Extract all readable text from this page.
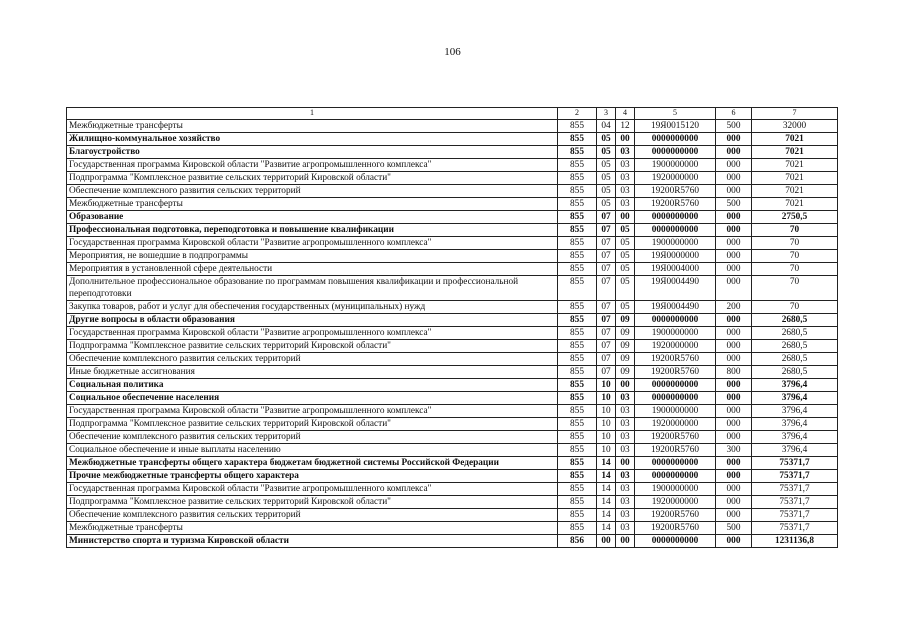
106
1	2	3	4	5	6	7
Межбюджетные трансферты	855	04	12	19Я0015120	500	32000
Жилищно-коммунальное хозяйство	855	05	00	0000000000	000	7021
Благоустройство	855	05	03	0000000000	000	7021
Государственная программа Кировской области "Развитие агропромышленного комплекса"	855	05	03	1900000000	000	7021
Подпрограмма "Комплексное развитие сельских территорий Кировской области"	855	05	03	1920000000	000	7021
Обеспечение комплексного развития сельских территорий	855	05	03	19200R5760	000	7021
Межбюджетные трансферты	855	05	03	19200R5760	500	7021
Образование	855	07	00	0000000000	000	2750,5
Профессиональная подготовка, переподготовка и повышение квалификации	855	07	05	0000000000	000	70
Государственная программа Кировской области "Развитие агропромышленного комплекса"	855	07	05	1900000000	000	70
Мероприятия, не вошедшие в подпрограммы	855	07	05	19Я0000000	000	70
Мероприятия в установленной сфере деятельности	855	07	05	19Я0004000	000	70
Дополнительное профессиональное образование по программам повышения квалификации и профессиональной переподготовки	855	07	05	19Я0004490	000	70
Закупка товаров, работ и услуг для обеспечения государственных (муниципальных) нужд	855	07	05	19Я0004490	200	70
Другие вопросы в области образования	855	07	09	0000000000	000	2680,5
Государственная программа Кировской области "Развитие агропромышленного комплекса"	855	07	09	1900000000	000	2680,5
Подпрограмма "Комплексное развитие сельских территорий Кировской области"	855	07	09	1920000000	000	2680,5
Обеспечение комплексного развития сельских территорий	855	07	09	19200R5760	000	2680,5
Иные бюджетные ассигнования	855	07	09	19200R5760	800	2680,5
Социальная политика	855	10	00	0000000000	000	3796,4
Социальное обеспечение населения	855	10	03	0000000000	000	3796,4
Государственная программа Кировской области "Развитие агропромышленного комплекса"	855	10	03	1900000000	000	3796,4
Подпрограмма "Комплексное развитие сельских территорий Кировской области"	855	10	03	1920000000	000	3796,4
Обеспечение комплексного развития сельских территорий	855	10	03	19200R5760	000	3796,4
Социальное обеспечение и иные выплаты населению	855	10	03	19200R5760	300	3796,4
Межбюджетные трансферты общего характера бюджетам бюджетной системы Российской Федерации	855	14	00	0000000000	000	75371,7
Прочие межбюджетные трансферты общего характера	855	14	03	0000000000	000	75371,7
Государственная программа Кировской области "Развитие агропромышленного комплекса"	855	14	03	1900000000	000	75371,7
Подпрограмма "Комплексное развитие сельских территорий Кировской области"	855	14	03	1920000000	000	75371,7
Обеспечение комплексного развития сельских территорий	855	14	03	19200R5760	000	75371,7
Межбюджетные трансферты	855	14	03	19200R5760	500	75371,7
Министерство спорта и туризма Кировской области	856	00	00	0000000000	000	1231136,8
